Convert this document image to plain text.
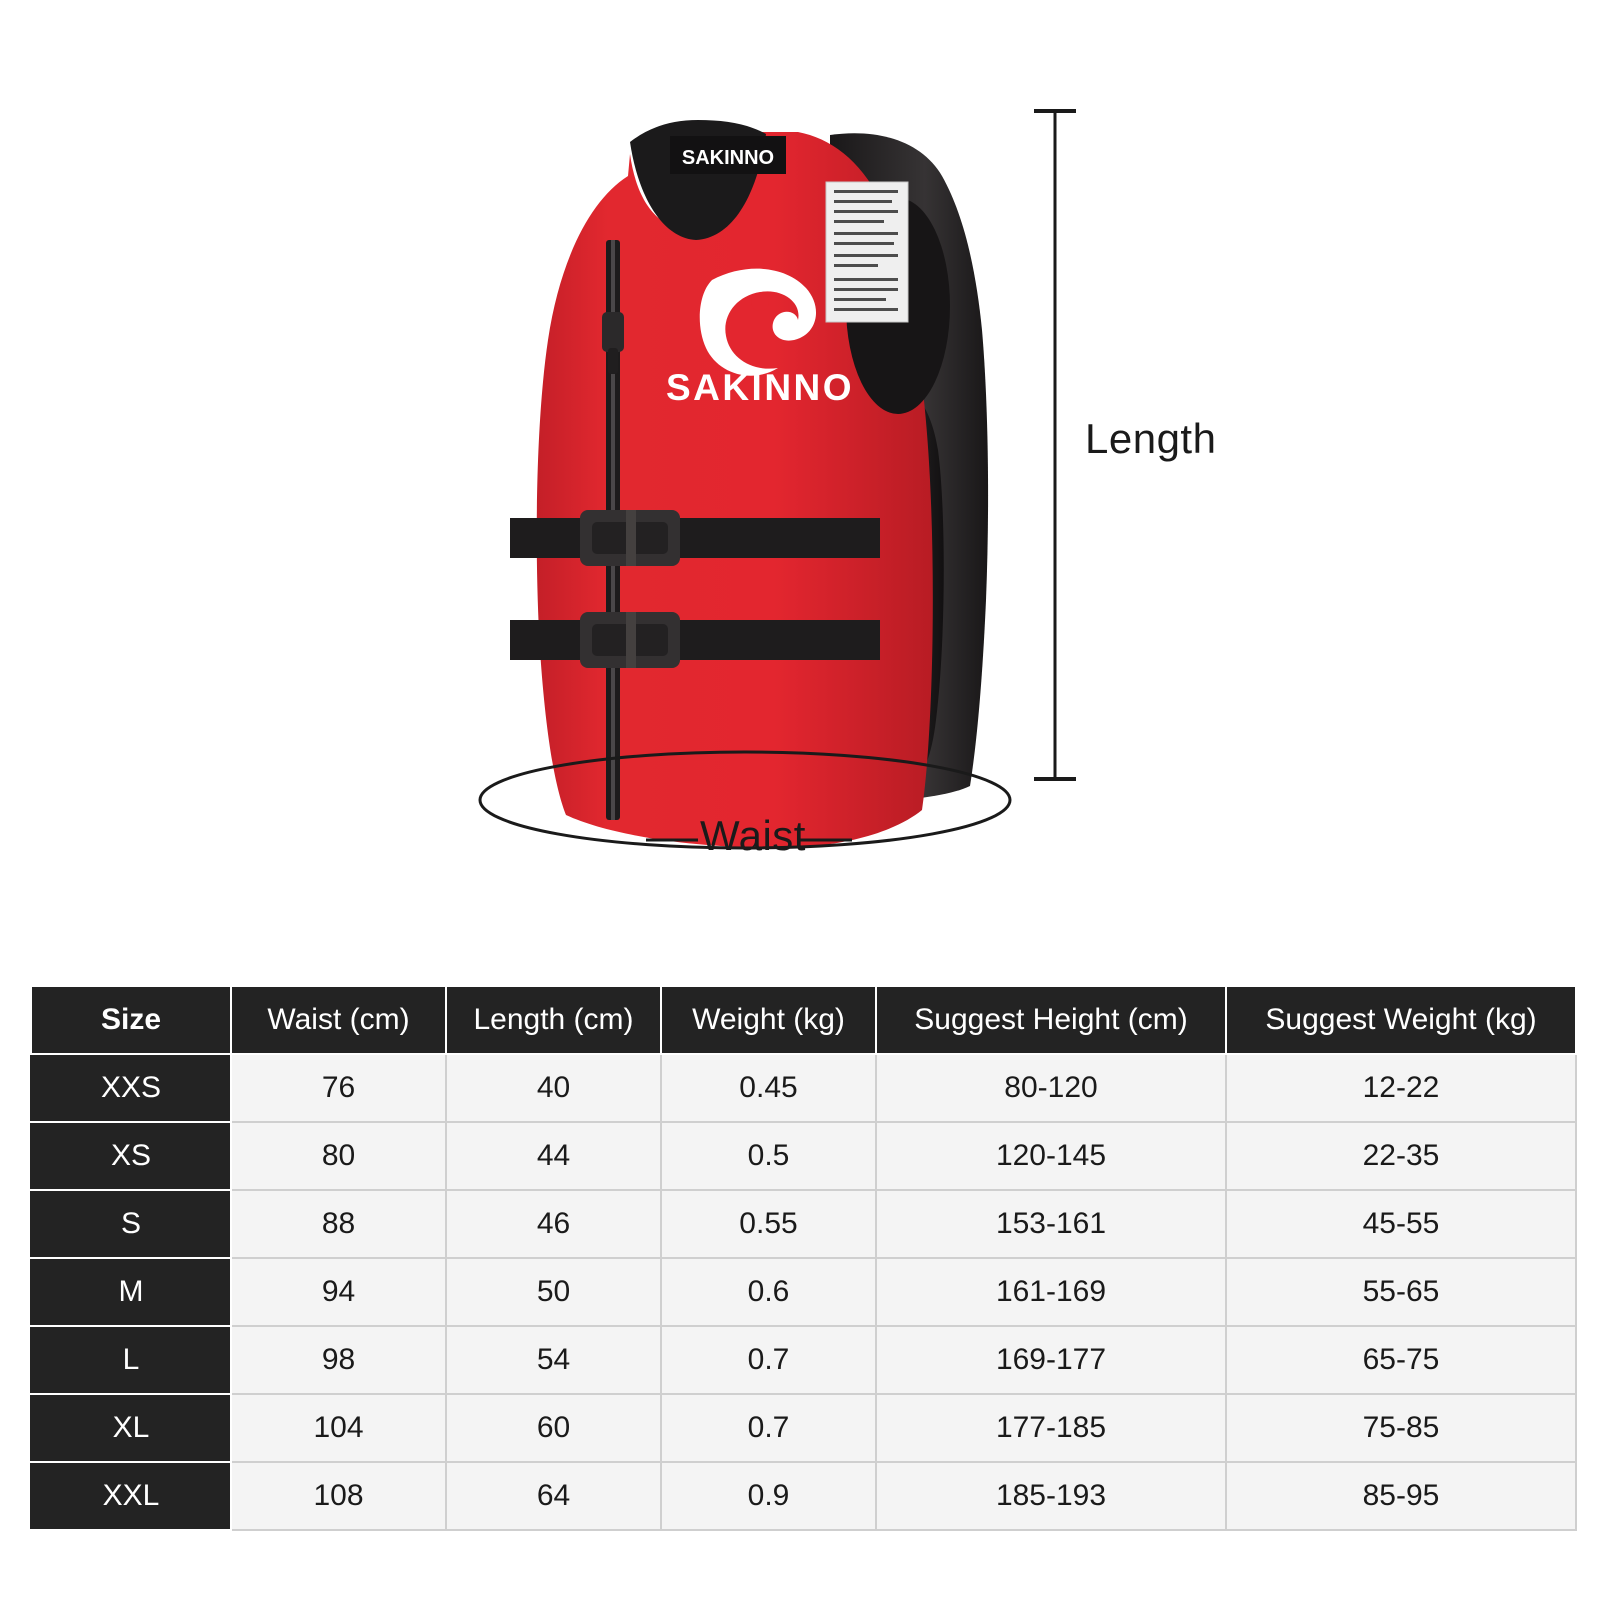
SAKINNO
SAKINNO
Length
Waist
Size	Waist (cm)	Length (cm)	Weight (kg)	Suggest Height (cm)	Suggest Weight (kg)
XXS	76	40	0.45	80-120	12-22
XS	80	44	0.5	120-145	22-35
S	88	46	0.55	153-161	45-55
M	94	50	0.6	161-169	55-65
L	98	54	0.7	169-177	65-75
XL	104	60	0.7	177-185	75-85
XXL	108	64	0.9	185-193	85-95
